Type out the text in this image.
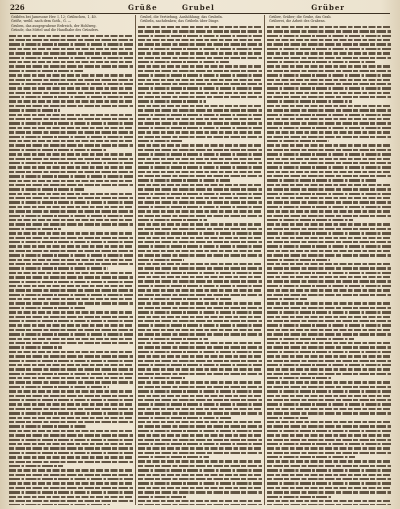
226	Grüße	Grubel	Grüber

Gräbfen bei Jamesone Hev. I, 12; Grübschen, 1, 40.

Größe, weibl. nach dem Goth., G. —

Gruben, das ausgegrabene Erdreich, der Hohlweg.

Gründe, das Mittel und die Handhabe des Gründers.

Grubel, die Vertiefung, Aushöhlung; das Grubeln.

Grübeln, nachdenken; das Grübeln über Dinge.

Grüber, Gräber; die Grube, das Grab.

Grüberei, die Arbeit des Grabens.
